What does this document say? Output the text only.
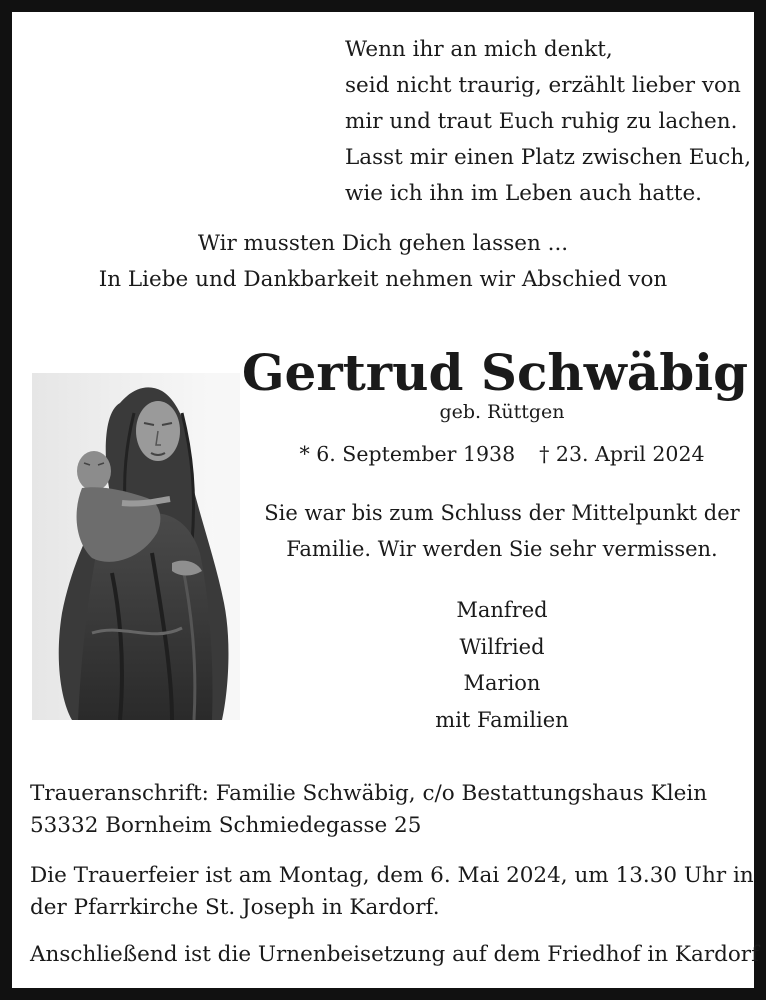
Wenn ihr an mich denkt,
seid nicht traurig, erzählt lieber von
mir und traut Euch ruhig zu lachen.
Lasst mir einen Platz zwischen Euch,
wie ich ihn im Leben auch hatte.
Wir mussten Dich gehen lassen ...
In Liebe und Dankbarkeit nehmen wir Abschied von
Gertrud Schwäbig
geb. Rüttgen
* 6. September 1938 † 23. April 2024
Sie war bis zum Schluss der Mittelpunkt der
Familie. Wir werden Sie sehr vermissen.
Manfred
Wilfried
Marion
mit Familien
Traueranschrift: Familie Schwäbig, c/o Bestattungshaus Klein
53332 Bornheim Schmiedegasse 25
Die Trauerfeier ist am Montag, dem 6. Mai 2024, um 13.30 Uhr in
der Pfarrkirche St. Joseph in Kardorf.
Anschließend ist die Urnenbeisetzung auf dem Friedhof in Kardorf
